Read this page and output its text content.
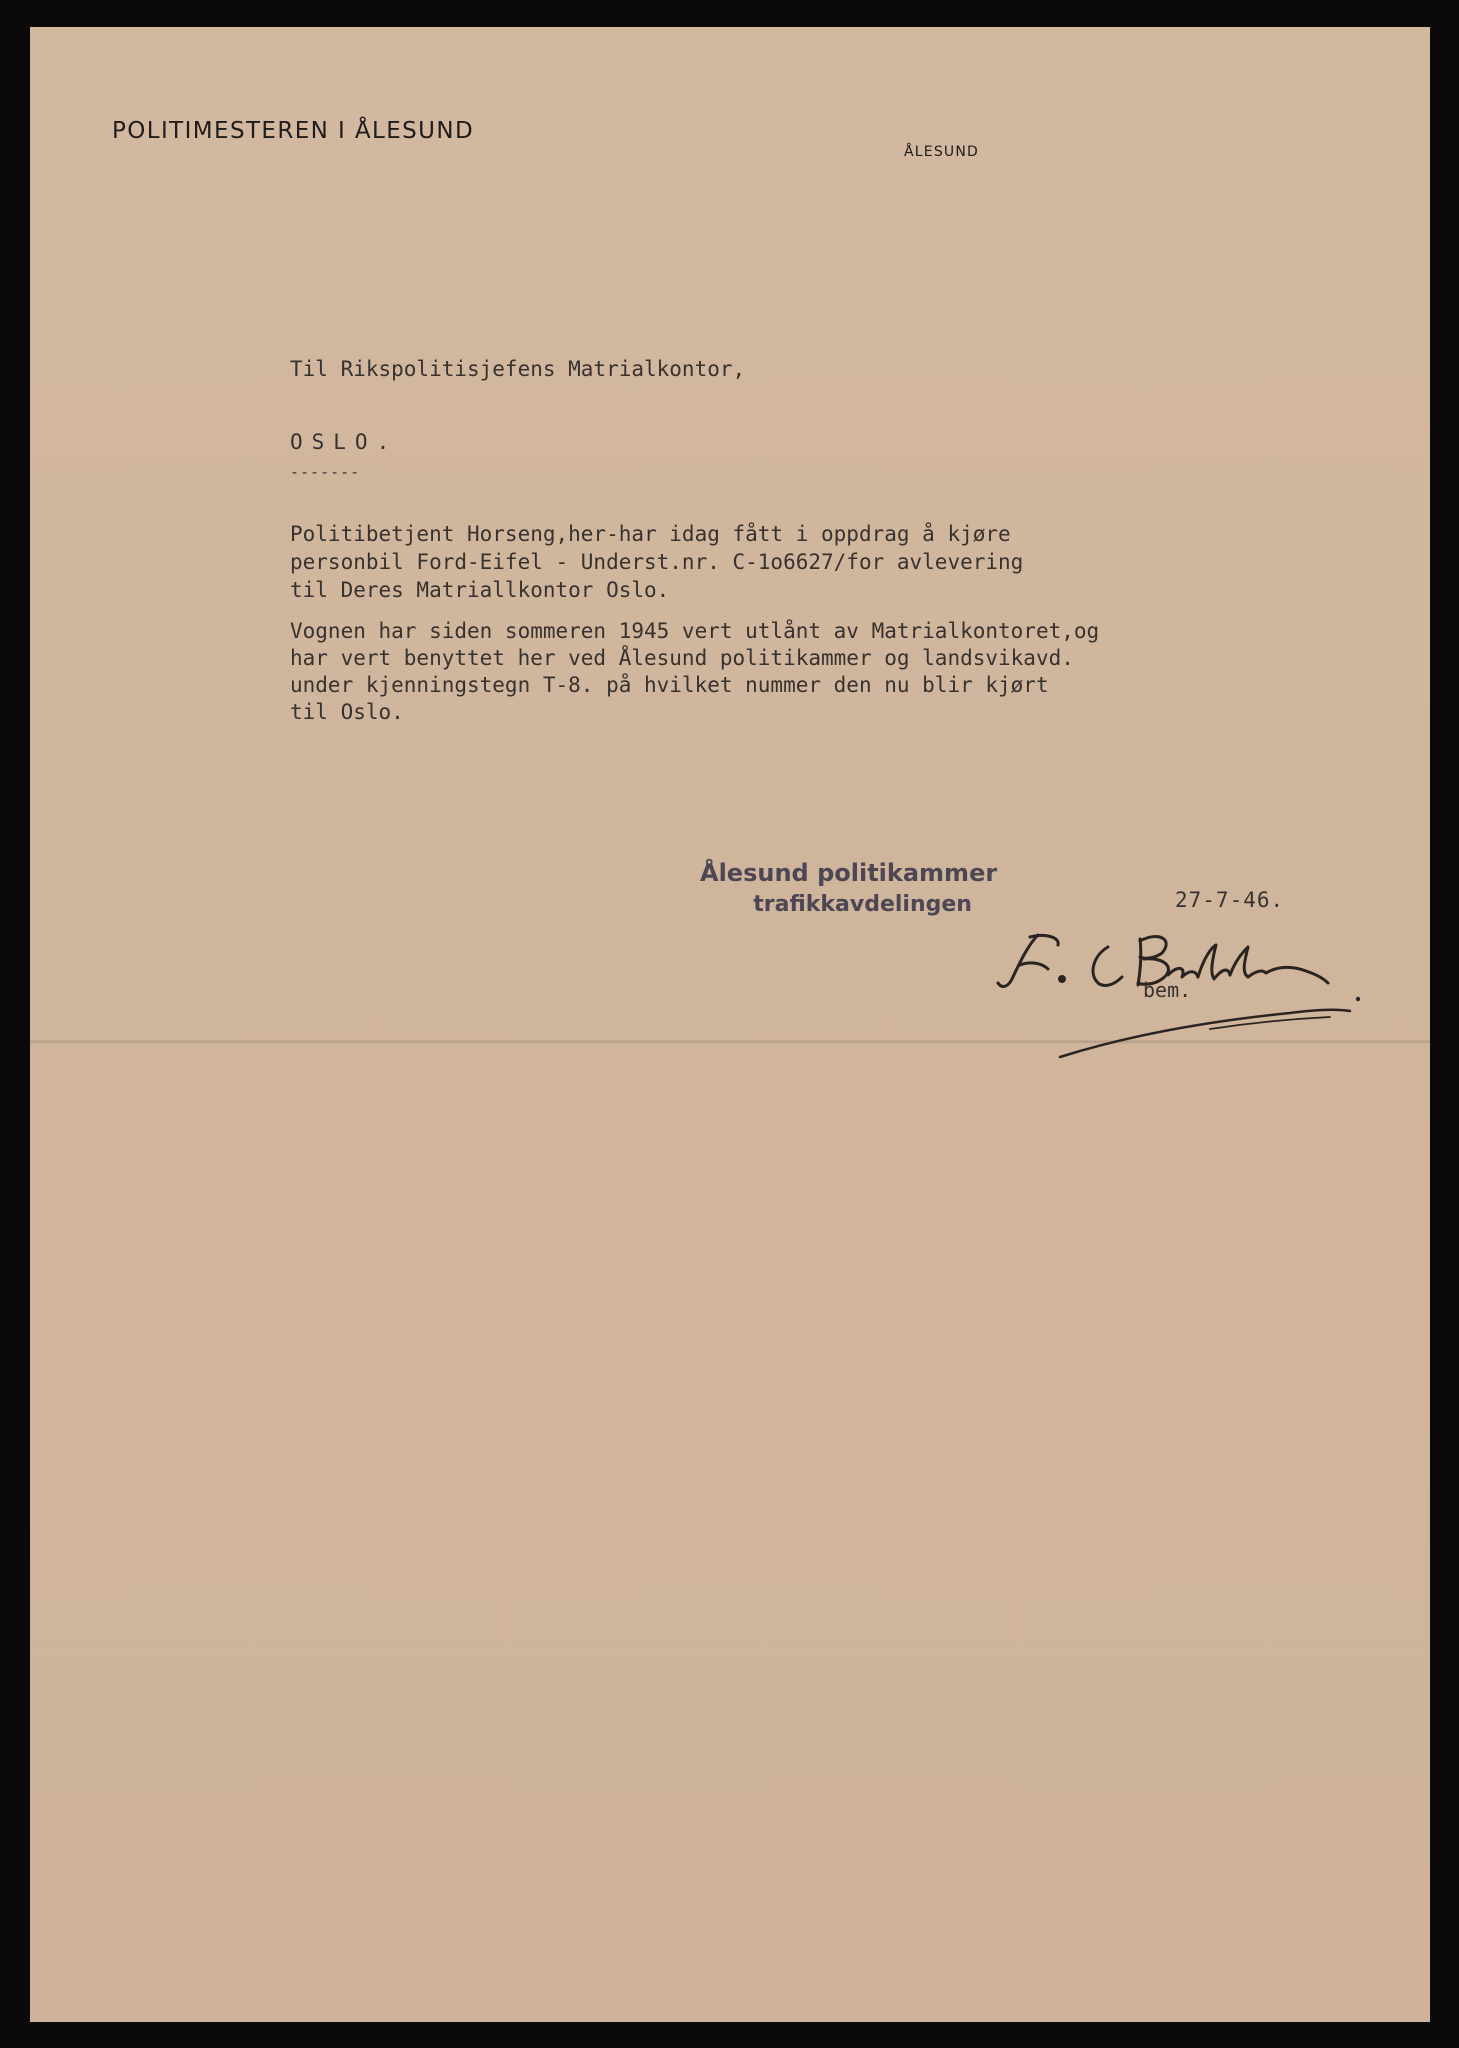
POLITIMESTEREN I ÅLESUND
ÅLESUND
Til Rikspolitisjefens Matrialkontor,
OSLO.
-------
Politibetjent Horseng,her-har idag fått i oppdrag å kjøre
personbil Ford-Eifel - Underst.nr. C-1o6627/for avlevering
til Deres Matriallkontor Oslo.
Vognen har siden sommeren 1945 vert utlånt av Matrialkontoret,og
har vert benyttet her ved Ålesund politikammer og landsvikavd.
under kjenningstegn T-8. på hvilket nummer den nu blir kjørt
til Oslo.
Ålesund politikammer
trafikkavdelingen	27-7-46.
bem.
